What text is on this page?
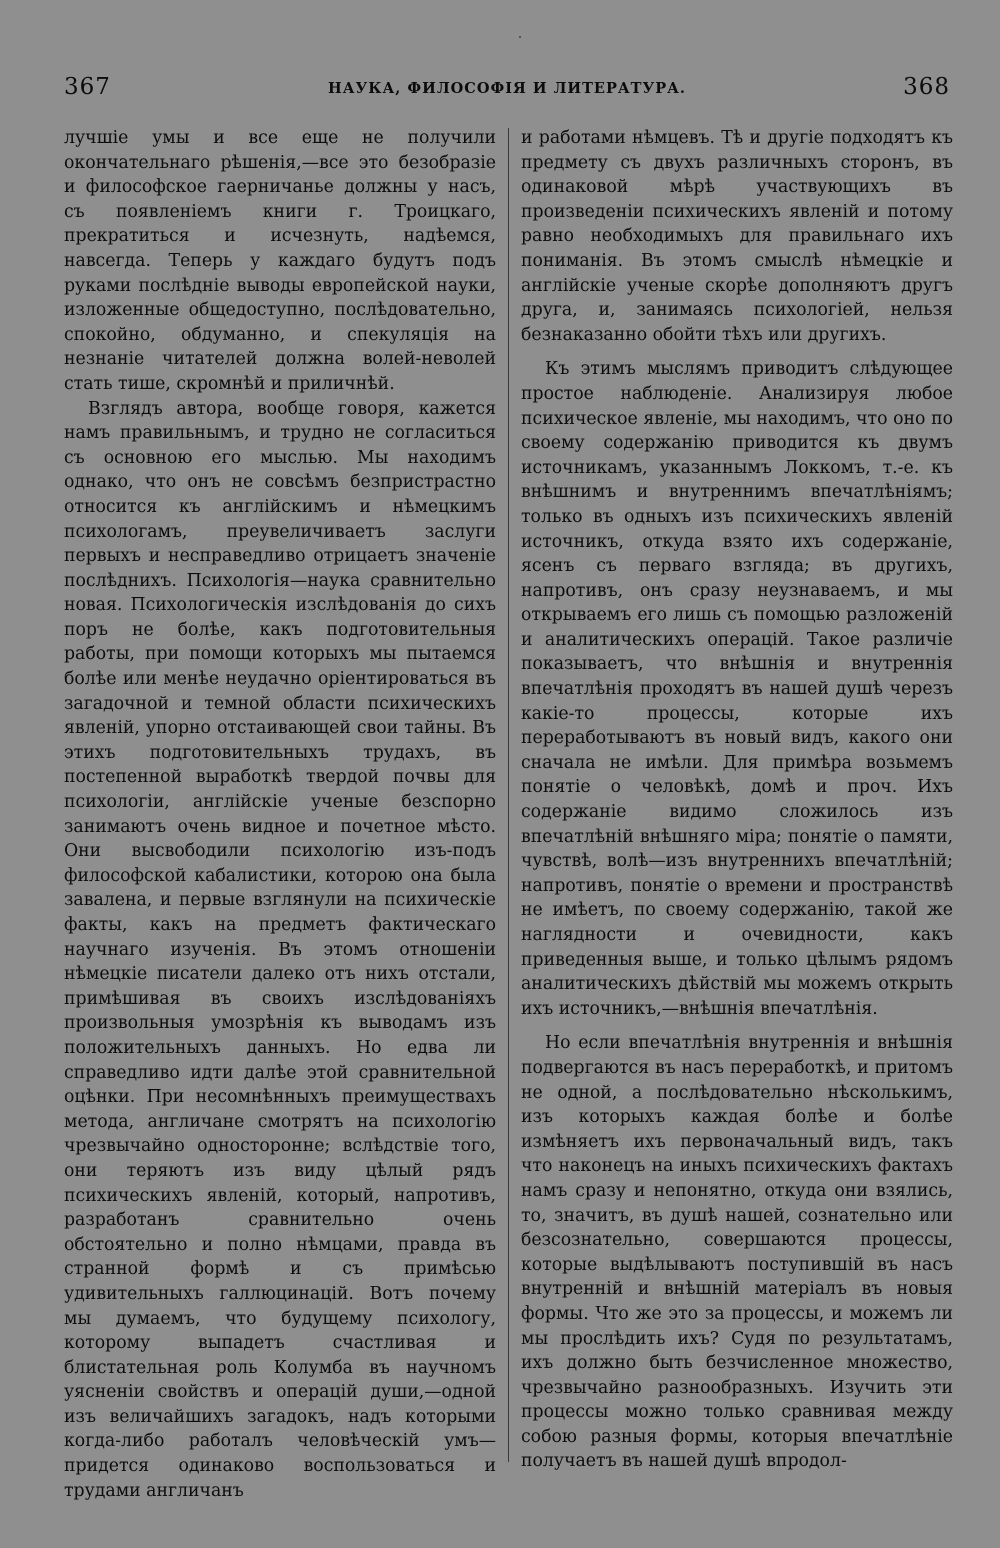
367	НАУКА, ФИЛОСОФІЯ И ЛИТЕРАТУРА.	368

лучшіе умы и все еще не получили окончательнаго рѣшенія,—все это безобразіе и философское гаерничанье должны у насъ, съ появленіемъ книги г. Троицкаго, прекратиться и исчезнуть, надѣемся, навсегда. Теперь у каждаго будутъ подъ руками послѣдніе выводы европейской науки, изложенные общедоступно, послѣдовательно, спокойно, обдуманно, и спекуляція на незнаніе читателей должна волей-неволей стать тише, скромнѣй и приличнѣй.

Взглядъ автора, вообще говоря, кажется намъ правильнымъ, и трудно не согласиться съ основною его мыслью. Мы находимъ однако, что онъ не совсѣмъ безпристрастно относится къ англійскимъ и нѣмецкимъ психологамъ, преувеличиваетъ заслуги первыхъ и несправедливо отрицаетъ значеніе послѣднихъ. Психологія—наука сравнительно новая. Психологическія изслѣдованія до сихъ поръ не болѣе, какъ подготовительныя работы, при помощи которыхъ мы пытаемся болѣе или менѣе неудачно оріентироваться въ загадочной и темной области психическихъ явленій, упорно отстаивающей свои тайны. Въ этихъ подготовительныхъ трудахъ, въ постепенной выработкѣ твердой почвы для психологіи, англійскіе ученые безспорно занимаютъ очень видное и почетное мѣсто. Они высвободили психологію изъ-подъ философской кабалистики, которою она была завалена, и первые взглянули на психическіе факты, какъ на предметъ фактическаго научнаго изученія. Въ этомъ отношеніи нѣмецкіе писатели далеко отъ нихъ отстали, примѣшивая въ своихъ изслѣдованіяхъ произвольныя умозрѣнія къ выводамъ изъ положительныхъ данныхъ. Но едва ли справедливо идти далѣе этой сравнительной оцѣнки. При несомнѣнныхъ преимуществахъ метода, англичане смотрятъ на психологію чрезвычайно односторонне; вслѣдствіе того, они теряютъ изъ виду цѣлый рядъ психическихъ явленій, который, напротивъ, разработанъ сравнительно очень обстоятельно и полно нѣмцами, правда въ странной формѣ и съ примѣсью удивительныхъ галлюцинацій. Вотъ почему мы думаемъ, что будущему психологу, которому выпадетъ счастливая и блистательная роль Колумба въ научномъ уясненіи свойствъ и операцій души,—одной изъ величайшихъ загадокъ, надъ которыми когда-либо работалъ человѣческій умъ—придется одинаково воспользоваться и трудами англичанъ

и работами нѣмцевъ. Тѣ и другіе подходятъ къ предмету съ двухъ различныхъ сторонъ, въ одинаковой мѣрѣ участвующихъ въ произведеніи психическихъ явленій и потому равно необходимыхъ для правильнаго ихъ пониманія. Въ этомъ смыслѣ нѣмецкіе и англійскіе ученые скорѣе дополняютъ другъ друга, и, занимаясь психологіей, нельзя безнаказанно обойти тѣхъ или другихъ.

Къ этимъ мыслямъ приводитъ слѣдующее простое наблюденіе. Анализируя любое психическое явленіе, мы находимъ, что оно по своему содержанію приводится къ двумъ источникамъ, указаннымъ Локкомъ, т.-е. къ внѣшнимъ и внутреннимъ впечатлѣніямъ; только въ одныхъ изъ психическихъ явленій источникъ, откуда взято ихъ содержаніе, ясенъ съ перваго взгляда; въ другихъ, напротивъ, онъ сразу неузнаваемъ, и мы открываемъ его лишь съ помощью разложеній и аналитическихъ операцій. Такое различіе показываетъ, что внѣшнія и внутреннія впечатлѣнія проходятъ въ нашей душѣ черезъ какіе-то процессы, которые ихъ переработываютъ въ новый видъ, какого они сначала не имѣли. Для примѣра возьмемъ понятіе о человѣкѣ, домѣ и проч. Ихъ содержаніе видимо сложилось изъ впечатлѣній внѣшняго міра; понятіе о памяти, чувствѣ, волѣ—изъ внутреннихъ впечатлѣній; напротивъ, понятіе о времени и пространствѣ не имѣетъ, по своему содержанію, такой же наглядности и очевидности, какъ приведенныя выше, и только цѣлымъ рядомъ аналитическихъ дѣйствій мы можемъ открыть ихъ источникъ,—внѣшнія впечатлѣнія.

Но если впечатлѣнія внутреннія и внѣшнія подвергаются въ насъ переработкѣ, и притомъ не одной, а послѣдовательно нѣсколькимъ, изъ которыхъ каждая болѣе и болѣе измѣняетъ ихъ первоначальный видъ, такъ что наконецъ на иныхъ психическихъ фактахъ намъ сразу и непонятно, откуда они взялись, то, значитъ, въ душѣ нашей, сознательно или безсознательно, совершаются процессы, которые выдѣлываютъ поступившій въ насъ внутренній и внѣшній матеріалъ въ новыя формы. Что же это за процессы, и можемъ ли мы прослѣдить ихъ? Судя по результатамъ, ихъ должно быть безчисленное множество, чрезвычайно разнообразныхъ. Изучить эти процессы можно только сравнивая между собою разныя формы, которыя впечатлѣніе получаетъ въ нашей душѣ впродол-
